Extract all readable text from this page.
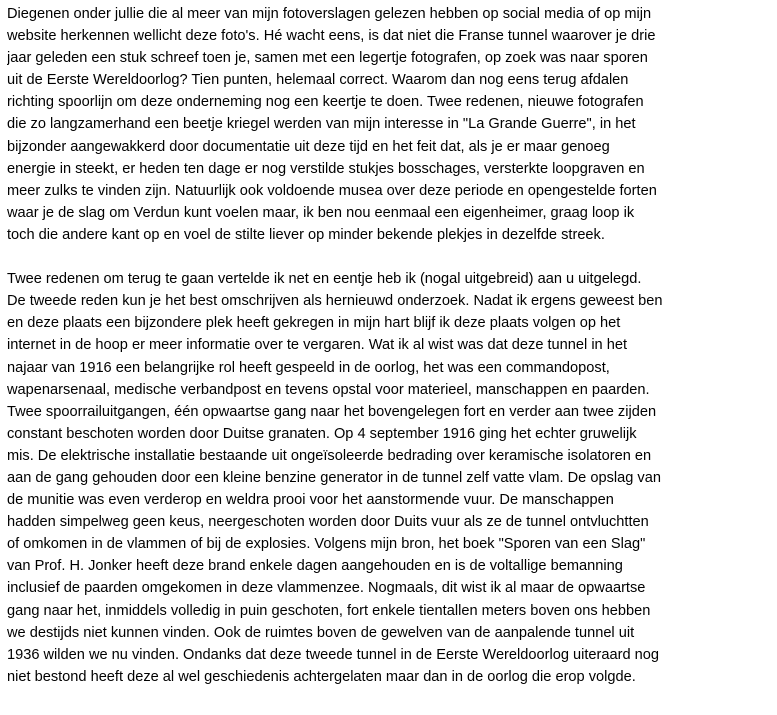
Diegenen onder jullie die al meer van mijn fotoverslagen gelezen hebben op social media of op mijn
website herkennen wellicht deze foto's. Hé wacht eens, is dat niet die Franse tunnel waarover je drie
jaar geleden een stuk schreef toen je, samen met een legertje fotografen, op zoek was naar sporen
uit de Eerste Wereldoorlog? Tien punten, helemaal correct. Waarom dan nog eens terug afdalen
richting spoorlijn om deze onderneming nog een keertje te doen. Twee redenen, nieuwe fotografen
die zo langzamerhand een beetje kriegel werden van mijn interesse in "La Grande Guerre", in het
bijzonder aangewakkerd door documentatie uit deze tijd en het feit dat, als je er maar genoeg
energie in steekt, er heden ten dage er nog verstilde stukjes bosschages, versterkte loopgraven en
meer zulks te vinden zijn. Natuurlijk ook voldoende musea over deze periode en opengestelde forten
waar je de slag om Verdun kunt voelen maar, ik ben nou eenmaal een eigenheimer, graag loop ik
toch die andere kant op en voel de stilte liever op minder bekende plekjes in dezelfde streek.
Twee redenen om terug te gaan vertelde ik net en eentje heb ik (nogal uitgebreid) aan u uitgelegd.
De tweede reden kun je het best omschrijven als hernieuwd onderzoek. Nadat ik ergens geweest ben
en deze plaats een bijzondere plek heeft gekregen in mijn hart blijf ik deze plaats volgen op het
internet in de hoop er meer informatie over te vergaren. Wat ik al wist was dat deze tunnel in het
najaar van 1916 een belangrijke rol heeft gespeeld in de oorlog, het was een commandopost,
wapenarsenaal, medische verbandpost en tevens opstal voor materieel, manschappen en paarden.
Twee spoorrailuitgangen, één opwaartse gang naar het bovengelegen fort en verder aan twee zijden
constant beschoten worden door Duitse granaten. Op 4 september 1916 ging het echter gruwelijk
mis. De elektrische installatie bestaande uit ongeïsoleerde bedrading over keramische isolatoren en
aan de gang gehouden door een kleine benzine generator in de tunnel zelf vatte vlam. De opslag van
de munitie was even verderop en weldra prooi voor het aanstormende vuur. De manschappen
hadden simpelweg geen keus, neergeschoten worden door Duits vuur als ze de tunnel ontvluchtten
of omkomen in de vlammen of bij de explosies. Volgens mijn bron, het boek "Sporen van een Slag"
van Prof. H. Jonker heeft deze brand enkele dagen aangehouden en is de voltallige bemanning
inclusief de paarden omgekomen in deze vlammenzee. Nogmaals, dit wist ik al maar de opwaartse
gang naar het, inmiddels volledig in puin geschoten, fort enkele tientallen meters boven ons hebben
we destijds niet kunnen vinden. Ook de ruimtes boven de gewelven van de aanpalende tunnel uit
1936 wilden we nu vinden. Ondanks dat deze tweede tunnel in de Eerste Wereldoorlog uiteraard nog
niet bestond heeft deze al wel geschiedenis achtergelaten maar dan in de oorlog die erop volgde.
